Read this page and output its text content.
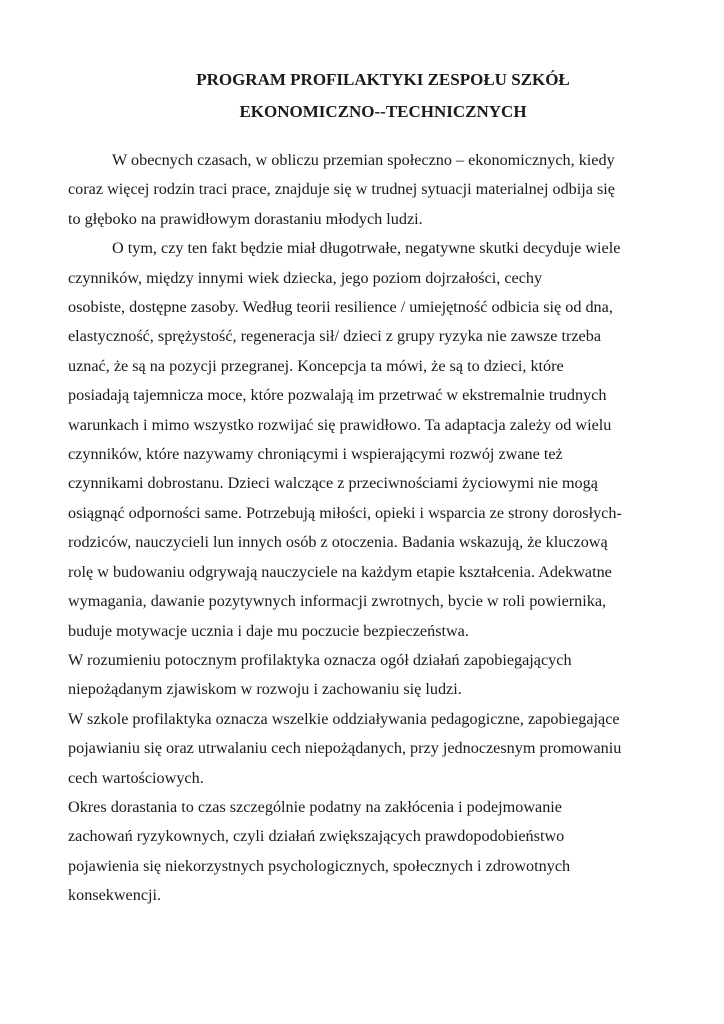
PROGRAM PROFILAKTYKI ZESPOŁU SZKÓŁ
EKONOMICZNO--TECHNICZNYCH

W obecnych czasach, w obliczu przemian społeczno – ekonomicznych, kiedy
coraz więcej rodzin traci prace, znajduje się w trudnej sytuacji materialnej odbija się
to głęboko na prawidłowym dorastaniu młodych ludzi.

O tym, czy ten fakt będzie miał długotrwałe, negatywne skutki decyduje wiele
czynników, między innymi wiek dziecka, jego poziom dojrzałości, cechy
osobiste, dostępne zasoby. Według teorii resilience / umiejętność odbicia się od dna,
elastyczność, sprężystość, regeneracja sił/ dzieci z grupy ryzyka nie zawsze trzeba
uznać, że są na pozycji przegranej. Koncepcja ta mówi, że są to dzieci, które
posiadają tajemnicza moce, które pozwalają im przetrwać w ekstremalnie trudnych
warunkach i mimo wszystko rozwijać się prawidłowo. Ta adaptacja zależy od wielu
czynników, które nazywamy chroniącymi i wspierającymi rozwój zwane też
czynnikami dobrostanu. Dzieci walczące z przeciwnościami życiowymi nie mogą
osiągnąć odporności same. Potrzebują miłości, opieki i wsparcia ze strony dorosłych-
rodziców, nauczycieli lun innych osób z otoczenia. Badania wskazują, że kluczową
rolę w budowaniu odgrywają nauczyciele na każdym etapie kształcenia. Adekwatne
wymagania, dawanie pozytywnych informacji zwrotnych, bycie w roli powiernika,
buduje motywacje ucznia i daje mu poczucie bezpieczeństwa.

W rozumieniu potocznym profilaktyka oznacza ogół działań zapobiegających
niepożądanym zjawiskom w rozwoju i zachowaniu się ludzi.

W szkole profilaktyka oznacza wszelkie oddziaływania pedagogiczne, zapobiegające
pojawianiu się oraz utrwalaniu cech niepożądanych, przy jednoczesnym promowaniu
cech wartościowych.

Okres dorastania to czas szczególnie podatny na zakłócenia i podejmowanie
zachowań ryzykownych, czyli działań zwiększających prawdopodobieństwo
pojawienia się niekorzystnych psychologicznych, społecznych i zdrowotnych
konsekwencji.
